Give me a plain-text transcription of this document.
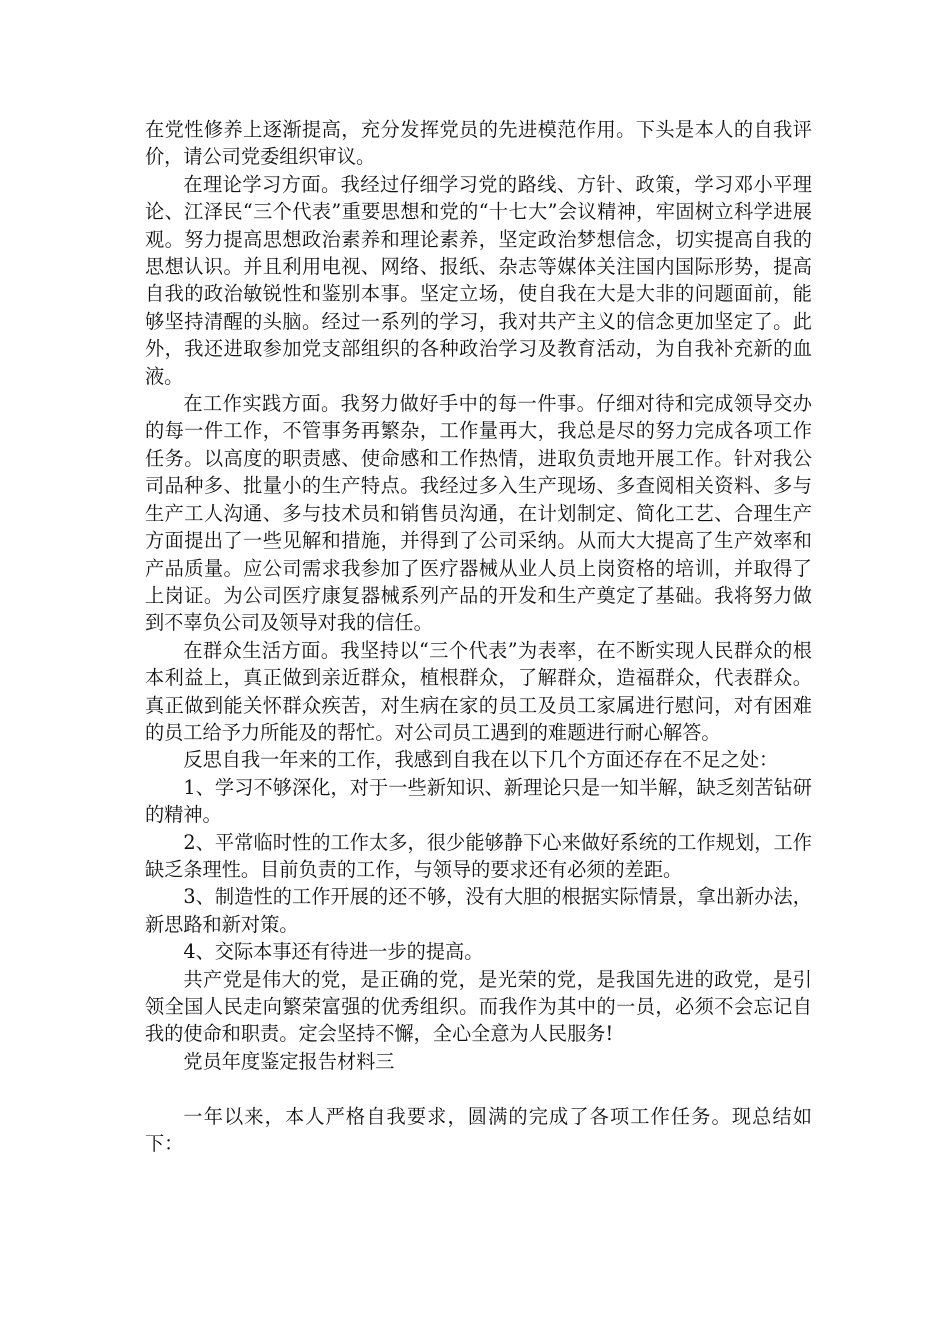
在党性修养上逐渐提高，充分发挥党员的先进模范作用。下头是本人的自我评价，请公司党委组织审议。

在理论学习方面。我经过仔细学习党的路线、方针、政策，学习邓小平理论、江泽民“三个代表”重要思想和党的“十七大”会议精神，牢固树立科学进展观。努力提高思想政治素养和理论素养，坚定政治梦想信念，切实提高自我的思想认识。并且利用电视、网络、报纸、杂志等媒体关注国内国际形势，提高自我的政治敏锐性和鉴别本事。坚定立场，使自我在大是大非的问题面前，能够坚持清醒的头脑。经过一系列的学习，我对共产主义的信念更加坚定了。此外，我还进取参加党支部组织的各种政治学习及教育活动，为自我补充新的血液。

在工作实践方面。我努力做好手中的每一件事。仔细对待和完成领导交办的每一件工作，不管事务再繁杂，工作量再大，我总是尽的努力完成各项工作任务。以高度的职责感、使命感和工作热情，进取负责地开展工作。针对我公司品种多、批量小的生产特点。我经过多入生产现场、多查阅相关资料、多与生产工人沟通、多与技术员和销售员沟通，在计划制定、简化工艺、合理生产方面提出了一些见解和措施，并得到了公司采纳。从而大大提高了生产效率和产品质量。应公司需求我参加了医疗器械从业人员上岗资格的培训，并取得了上岗证。为公司医疗康复器械系列产品的开发和生产奠定了基础。我将努力做到不辜负公司及领导对我的信任。

在群众生活方面。我坚持以“三个代表”为表率，在不断实现人民群众的根本利益上，真正做到亲近群众，植根群众，了解群众，造福群众，代表群众。真正做到能关怀群众疾苦，对生病在家的员工及员工家属进行慰问，对有困难的员工给予力所能及的帮忙。对公司员工遇到的难题进行耐心解答。

反思自我一年来的工作，我感到自我在以下几个方面还存在不足之处：

1、学习不够深化，对于一些新知识、新理论只是一知半解，缺乏刻苦钻研的精神。

2、平常临时性的工作太多，很少能够静下心来做好系统的工作规划，工作缺乏条理性。目前负责的工作，与领导的要求还有必须的差距。

3、制造性的工作开展的还不够，没有大胆的根据实际情景，拿出新办法，新思路和新对策。

4、交际本事还有待进一步的提高。

共产党是伟大的党，是正确的党，是光荣的党，是我国先进的政党，是引领全国人民走向繁荣富强的优秀组织。而我作为其中的一员，必须不会忘记自我的使命和职责。定会坚持不懈，全心全意为人民服务!

党员年度鉴定报告材料三

一年以来，本人严格自我要求，圆满的完成了各项工作任务。现总结如下：
